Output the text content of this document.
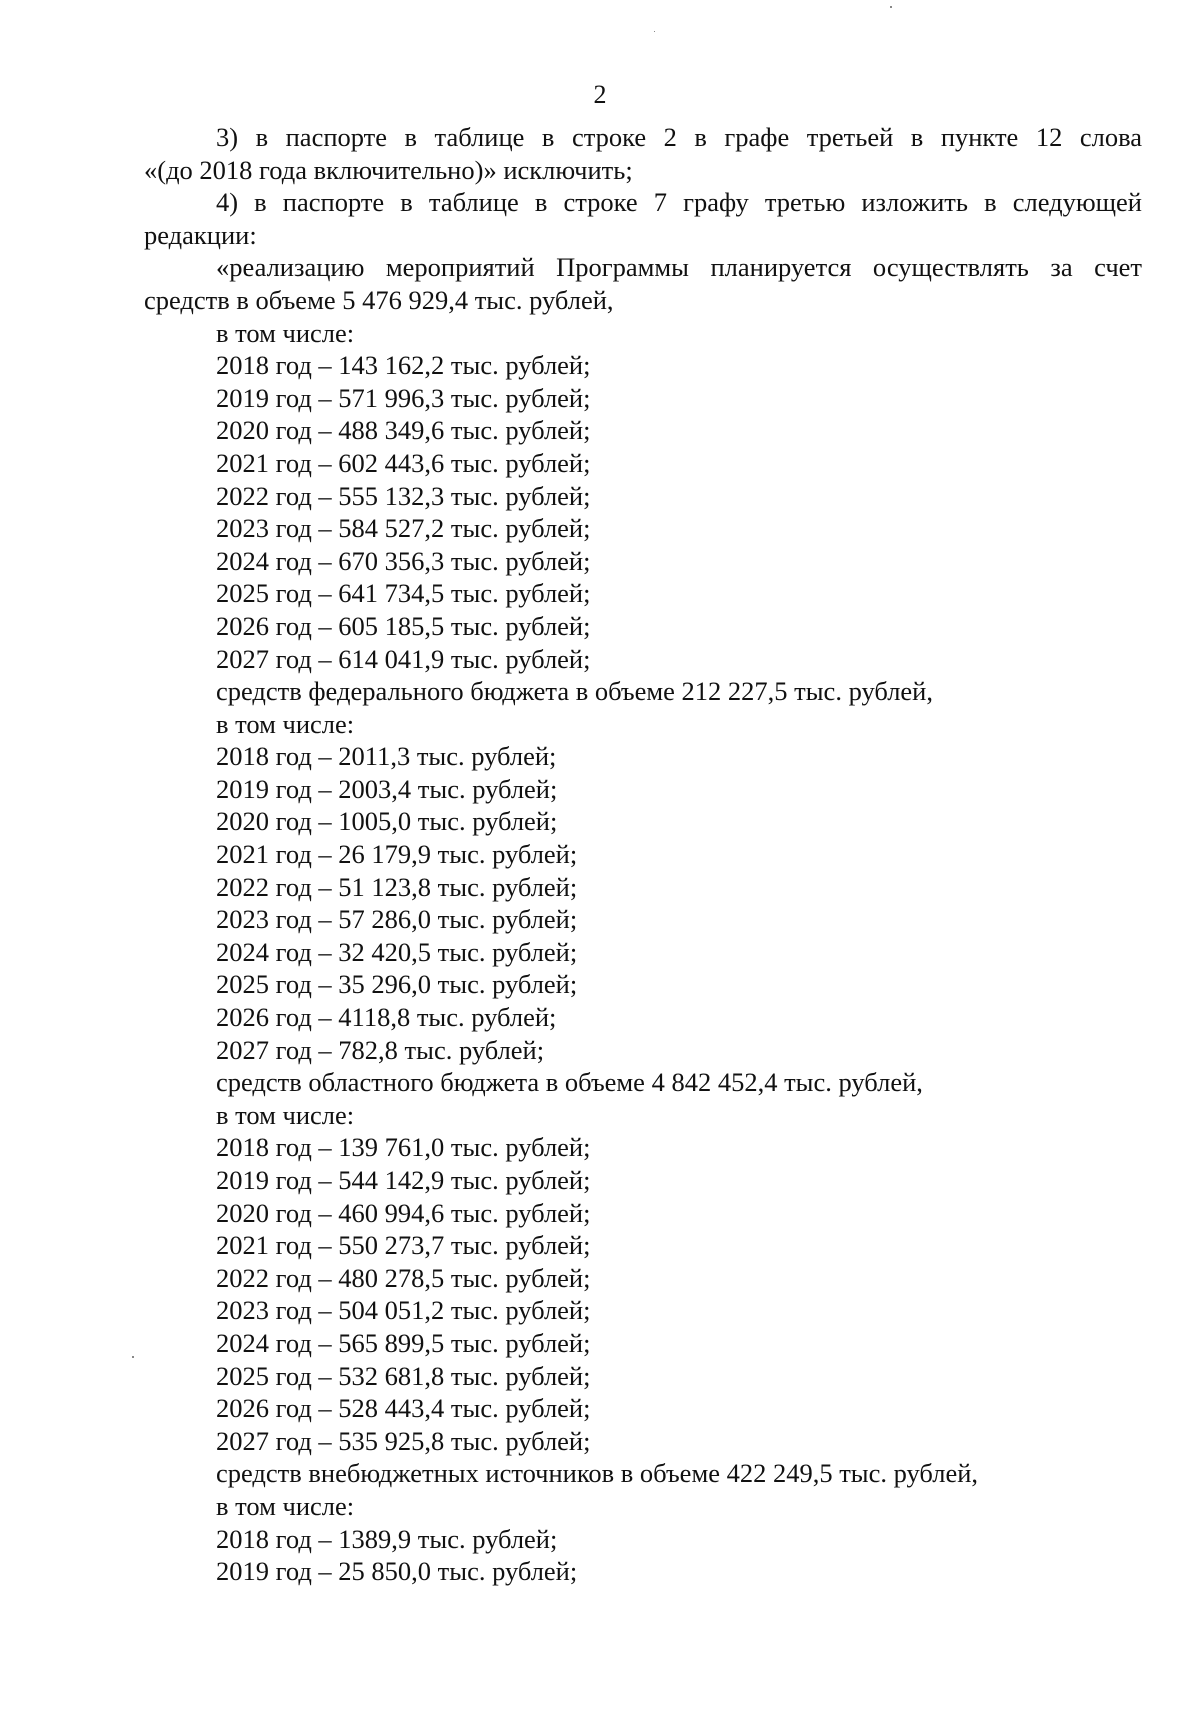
2

3) в паспорте в таблице в строке 2 в графе третьей в пункте 12 слова

«(до 2018 года включительно)» исключить;

4) в паспорте в таблице в строке 7 графу третью изложить в следующей

редакции:

«реализацию мероприятий Программы планируется осуществлять за счет

средств в объеме 5 476 929,4 тыс. рублей,

в том числе:

2018 год – 143 162,2 тыс. рублей;

2019 год – 571 996,3 тыс. рублей;

2020 год – 488 349,6 тыс. рублей;

2021 год – 602 443,6 тыс. рублей;

2022 год – 555 132,3 тыс. рублей;

2023 год – 584 527,2 тыс. рублей;

2024 год – 670 356,3 тыс. рублей;

2025 год – 641 734,5 тыс. рублей;

2026 год – 605 185,5 тыс. рублей;

2027 год – 614 041,9 тыс. рублей;

средств федерального бюджета в объеме 212 227,5 тыс. рублей,

в том числе:

2018 год – 2011,3 тыс. рублей;

2019 год – 2003,4 тыс. рублей;

2020 год – 1005,0 тыс. рублей;

2021 год – 26 179,9 тыс. рублей;

2022 год – 51 123,8 тыс. рублей;

2023 год – 57 286,0 тыс. рублей;

2024 год – 32 420,5 тыс. рублей;

2025 год – 35 296,0 тыс. рублей;

2026 год – 4118,8 тыс. рублей;

2027 год – 782,8 тыс. рублей;

средств областного бюджета в объеме 4 842 452,4 тыс. рублей,

в том числе:

2018 год – 139 761,0 тыс. рублей;

2019 год – 544 142,9 тыс. рублей;

2020 год – 460 994,6 тыс. рублей;

2021 год – 550 273,7 тыс. рублей;

2022 год – 480 278,5 тыс. рублей;

2023 год – 504 051,2 тыс. рублей;

2024 год – 565 899,5 тыс. рублей;

2025 год – 532 681,8 тыс. рублей;

2026 год – 528 443,4 тыс. рублей;

2027 год – 535 925,8 тыс. рублей;

средств внебюджетных источников в объеме 422 249,5 тыс. рублей,

в том числе:

2018 год – 1389,9 тыс. рублей;

2019 год – 25 850,0 тыс. рублей;
